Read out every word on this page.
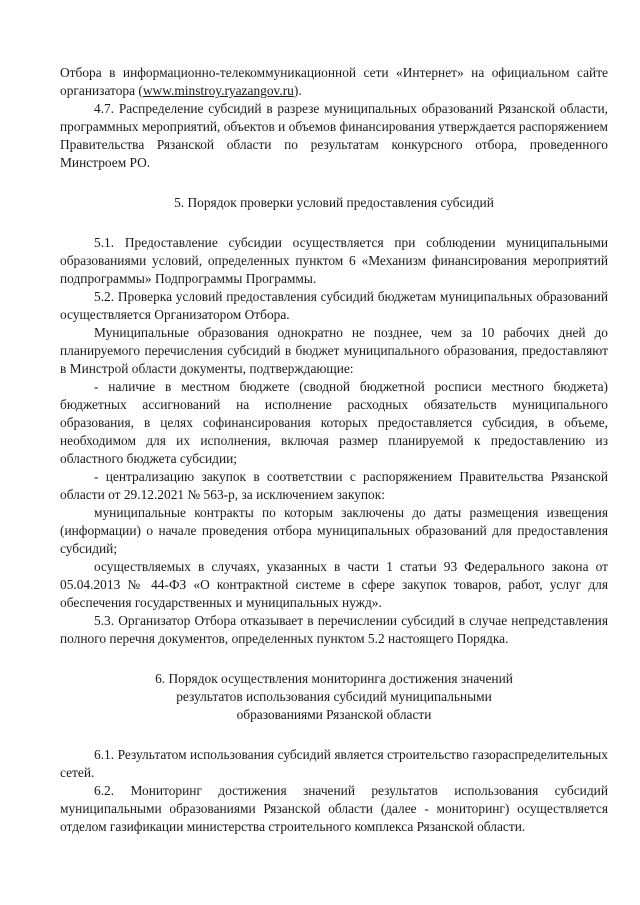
Отбора в информационно-телекоммуникационной сети «Интернет» на официальном сайте организатора (www.minstroy.ryazangov.ru).

4.7. Распределение субсидий в разрезе муниципальных образований Рязанской области, программных мероприятий, объектов и объемов финансирования утверждается распоряжением Правительства Рязанской области по результатам конкурсного отбора, проведенного Минстроем РО.

5. Порядок проверки условий предоставления субсидий

5.1. Предоставление субсидии осуществляется при соблюдении муниципальными образованиями условий, определенных пунктом 6 «Механизм финансирования мероприятий подпрограммы» Подпрограммы Программы.

5.2. Проверка условий предоставления субсидий бюджетам муниципальных образований осуществляется Организатором Отбора.

Муниципальные образования однократно не позднее, чем за 10 рабочих дней до планируемого перечисления субсидий в бюджет муниципального образования, предоставляют в Минстрой области документы, подтверждающие:

- наличие в местном бюджете (сводной бюджетной росписи местного бюджета) бюджетных ассигнований на исполнение расходных обязательств муниципального образования, в целях софинансирования которых предоставляется субсидия, в объеме, необходимом для их исполнения, включая размер планируемой к предоставлению из областного бюджета субсидии;

- централизацию закупок в соответствии с распоряжением Правительства Рязанской области от 29.12.2021 № 563-р, за исключением закупок:

муниципальные контракты по которым заключены до даты размещения извещения (информации) о начале проведения отбора муниципальных образований для предоставления субсидий;

осуществляемых в случаях, указанных в части 1 статьи 93 Федерального закона от 05.04.2013 № 44-ФЗ «О контрактной системе в сфере закупок товаров, работ, услуг для обеспечения государственных и муниципальных нужд».

5.3. Организатор Отбора отказывает в перечислении субсидий в случае непредставления полного перечня документов, определенных пунктом 5.2 настоящего Порядка.

6. Порядок осуществления мониторинга достижения значений
результатов использования субсидий муниципальными
образованиями Рязанской области

6.1. Результатом использования субсидий является строительство газораспределительных сетей.

6.2. Мониторинг достижения значений результатов использования субсидий муниципальными образованиями Рязанской области (далее - мониторинг) осуществляется отделом газификации министерства строительного комплекса Рязанской области.
